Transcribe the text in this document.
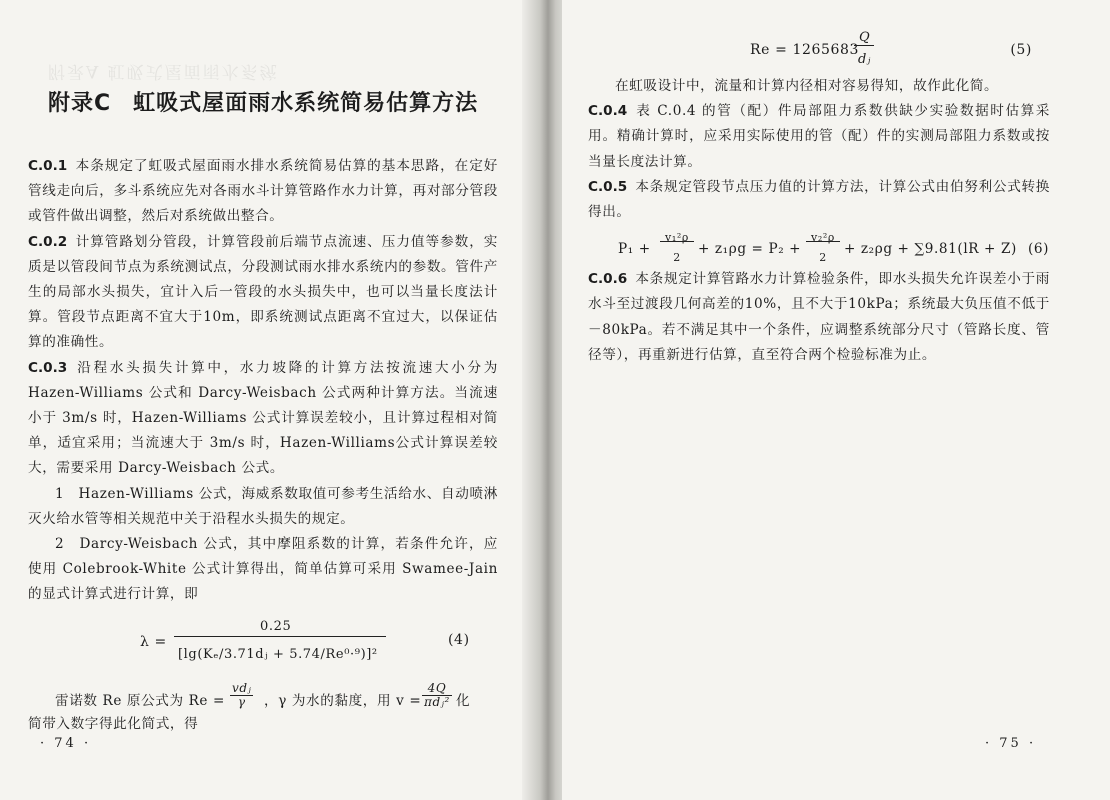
附录A 虹吸式屋面雨水系统
附录C 虹吸式屋面雨水系统简易估算方法

C.0.1 本条规定了虹吸式屋面雨水排水系统简易估算的基本思路，在定好管线走向后，多斗系统应先对各雨水斗计算管路作水力计算，再对部分管段或管件做出调整，然后对系统做出整合。

C.0.2 计算管路划分管段，计算管段前后端节点流速、压力值等参数，实质是以管段间节点为系统测试点，分段测试雨水排水系统内的参数。管件产生的局部水头损失，宜计入后一管段的水头损失中，也可以当量长度法计算。管段节点距离不宜大于10m，即系统测试点距离不宜过大，以保证估算的准确性。

C.0.3 沿程水头损失计算中，水力坡降的计算方法按流速大小分为 Hazen-Williams 公式和 Darcy-Weisbach 公式两种计算方法。当流速小于 3m/s 时，Hazen-Williams 公式计算误差较小，且计算过程相对简单，适宜采用；当流速大于 3m/s 时，Hazen-Williams公式计算误差较大，需要采用 Darcy-Weisbach 公式。

1　Hazen-Williams 公式，海威系数取值可参考生活给水、自动喷淋灭火给水管等相关规范中关于沿程水头损失的规定。

2　Darcy-Weisbach 公式，其中摩阻系数的计算，若条件允许，应使用 Colebrook-White 公式计算得出，简单估算可采用 Swamee-Jain 的显式计算式进行计算，即

λ =
0.25
[lg(Kₑ/3.71dⱼ + 5.74/Re⁰·⁹)]²
(4)
雷诺数 Re 原公式为 $Re = \frac{\text{vdⱼ}}{\gamma}$ ，γ 为水的黏度，用 $v = \frac{4Q}{\text{πdⱼ²}}$ 化

简带入数字得此化简式，得

· 74 ·
Re = 1265683
Q
dⱼ
(5)

在虹吸设计中，流量和计算内径相对容易得知，故作此化简。

C.0.4 表 C.0.4 的管（配）件局部阻力系数供缺少实验数据时估算采用。精确计算时，应采用实际使用的管（配）件的实测局部阻力系数或按当量长度法计算。

C.0.5 本条规定管段节点压力值的计算方法，计算公式由伯努利公式转换得出。

P₁ +
v₁²ρ
2
+ z₁ρg = P₂ +
v₂²ρ
2
+ z₂ρg + ∑9.81(lR + Z) (6)

C.0.6 本条规定计算管路水力计算检验条件，即水头损失允许误差小于雨水斗至过渡段几何高差的10%，且不大于10kPa；系统最大负压值不低于－80kPa。若不满足其中一个条件，应调整系统部分尺寸（管路长度、管径等），再重新进行估算，直至符合两个检验标准为止。

· 75 ·
